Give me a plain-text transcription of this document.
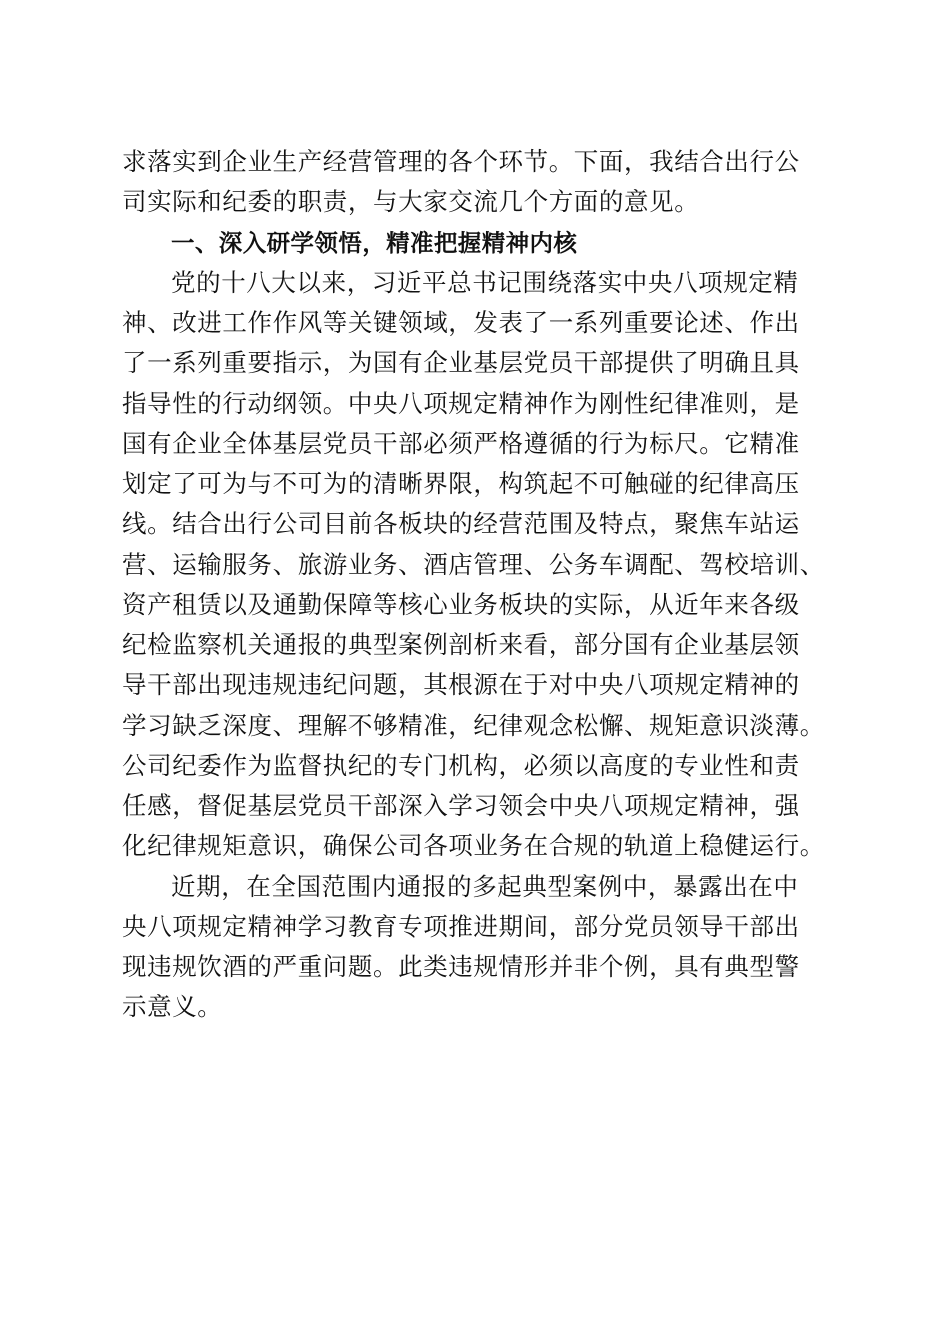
求落实到企业生产经营管理的各个环节。下面，我结合出行公
司实际和纪委的职责，与大家交流几个方面的意见。
一、深入研学领悟，精准把握精神内核
党的十八大以来，习近平总书记围绕落实中央八项规定精
神、改进工作作风等关键领域，发表了一系列重要论述、作出
了一系列重要指示，为国有企业基层党员干部提供了明确且具
指导性的行动纲领。中央八项规定精神作为刚性纪律准则，是
国有企业全体基层党员干部必须严格遵循的行为标尺。它精准
划定了可为与不可为的清晰界限，构筑起不可触碰的纪律高压
线。结合出行公司目前各板块的经营范围及特点，聚焦车站运
营、运输服务、旅游业务、酒店管理、公务车调配、驾校培训、
资产租赁以及通勤保障等核心业务板块的实际，从近年来各级
纪检监察机关通报的典型案例剖析来看，部分国有企业基层领
导干部出现违规违纪问题，其根源在于对中央八项规定精神的
学习缺乏深度、理解不够精准，纪律观念松懈、规矩意识淡薄。
公司纪委作为监督执纪的专门机构，必须以高度的专业性和责
任感，督促基层党员干部深入学习领会中央八项规定精神，强
化纪律规矩意识，确保公司各项业务在合规的轨道上稳健运行。
近期，在全国范围内通报的多起典型案例中，暴露出在中
央八项规定精神学习教育专项推进期间，部分党员领导干部出
现违规饮酒的严重问题。此类违规情形并非个例，具有典型警
示意义。
